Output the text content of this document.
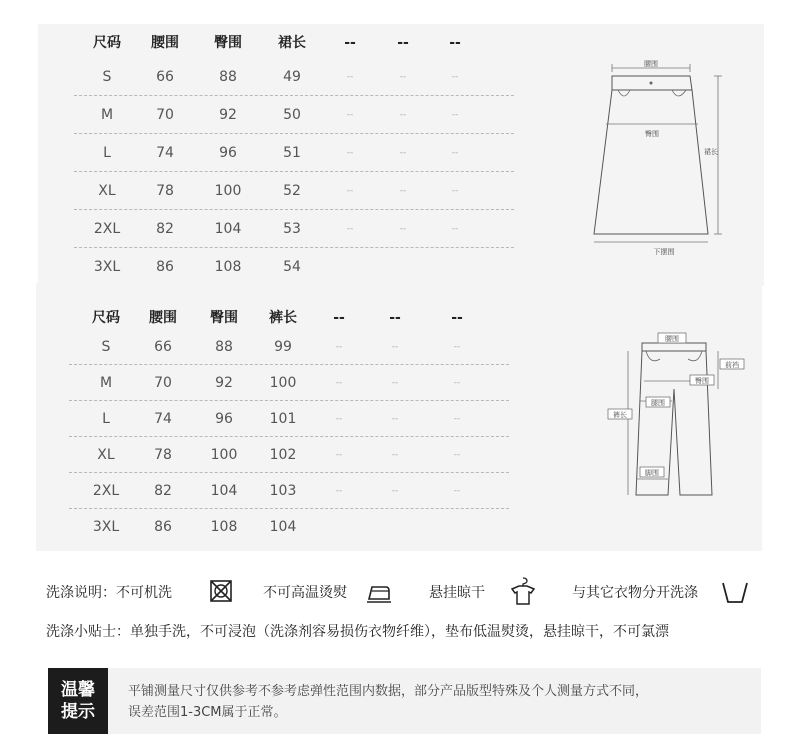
尺码	腰围	臀围	裙长	--	--	--
S	66	88	49	--	--	--
M	70	92	50	--	--	--
L	74	96	51	--	--	--
XL	78	100	52	--	--	--
2XL	82	104	53	--	--	--
3XL	86	108	54
腰围
臀围
裙长
下摆围
尺码	腰围	臀围	裤长	--	--	--
S	66	88	99	--	--	--
M	70	92	100	--	--	--
L	74	96	101	--	--	--
XL	78	100	102	--	--	--
2XL	82	104	103	--	--	--
3XL	86	108	104
腰围
前裆
臀围
腿围
裤长
脚围
洗涤说明：不可机洗	不可高温烫熨	悬挂晾干	与其它衣物分开洗涤
洗涤小贴士：单独手洗，不可浸泡（洗涤剂容易损伤衣物纤维），垫布低温熨烫，悬挂晾干，不可氯漂
温馨
提示
平铺测量尺寸仅供参考不参考虑弹性范围内数据，部分产品版型特殊及个人测量方式不同，
误差范围1-3CM属于正常。
